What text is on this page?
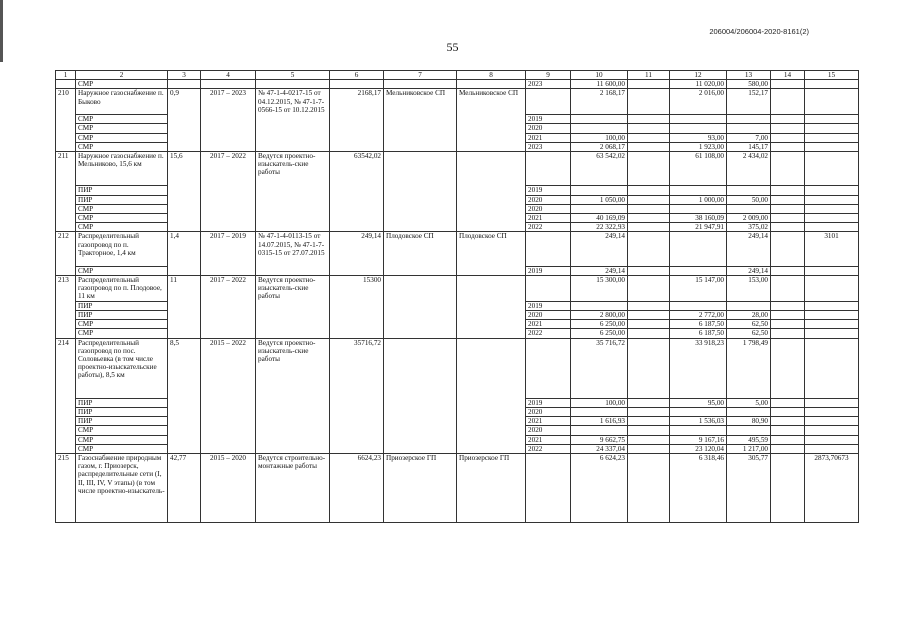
206004/206004-2020-8161(2)
55
1	2	3	4	5	6	7	8	9	10	11	12	13	14	15
	СМР							2023	11 600,00		11 020,00	580,00		
210	Наружное газоснабжение п. Быково	0,9	2017 – 2023	№ 47-1-4-0217-15 от 04.12.2015, № 47-1-7-0566-15 от 10.12.2015	2168,17	Мельниковское СП	Мельниковское СП		2 168,17		2 016,00	152,17		
	СМР							2019						
	СМР							2020						
	СМР							2021	100,00		93,00	7,00		
	СМР							2023	2 068,17		1 923,00	145,17		
211	Наружное газоснабжение п. Мельниково, 15,6 км	15,6	2017 – 2022	Ведутся проектно-изыскатель-ские работы	63542,02				63 542,02		61 108,00	2 434,02		
	ПИР							2019						
	ПИР							2020	1 050,00		1 000,00	50,00		
	СМР							2020						
	СМР							2021	40 169,09		38 160,09	2 009,00		
	СМР							2022	22 322,93		21 947,91	375,02		
212	Распределительный газопровод по п. Тракторное, 1,4 км	1,4	2017 – 2019	№ 47-1-4-0113-15 от 14.07.2015, № 47-1-7-0315-15 от 27.07.2015	249,14	Плодовское СП	Плодовское СП		249,14			249,14		3101
	СМР							2019	249,14			249,14		
213	Распределительный газопровод по п. Плодовое, 11 км	11	2017 – 2022	Ведутся проектно-изыскатель-ские работы	15300				15 300,00		15 147,00	153,00		
	ПИР							2019						
	ПИР							2020	2 800,00		2 772,00	28,00		
	СМР							2021	6 250,00		6 187,50	62,50		
	СМР							2022	6 250,00		6 187,50	62,50		
214	Распределительный газопровод по пос. Соловьевка (в том числе проектно-изыскательские работы), 8,5 км	8,5	2015 – 2022	Ведутся проектно-изыскатель-ские работы	35716,72				35 716,72		33 918,23	1 798,49		
	ПИР							2019	100,00		95,00	5,00		
	ПИР							2020						
	ПИР							2021	1 616,93		1 536,03	80,90		
	СМР							2020						
	СМР							2021	9 662,75		9 167,16	495,59		
	СМР							2022	24 337,04		23 120,04	1 217,00		
215	Газоснабжение природным газом, г. Приозерск, распределительные сети (I, II, III, IV, V этапы) (в том числе проектно-изыскатель-	42,77	2015 – 2020	Ведутся строительно-монтажные работы	6624,23	Приозерское ГП	Приозерское ГП		6 624,23		6 318,46	305,77		2873,70673
